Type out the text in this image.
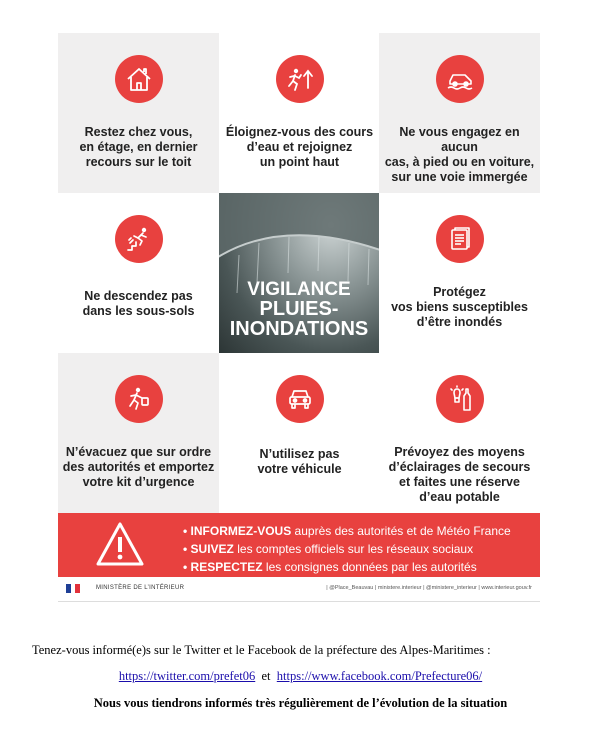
Restez chez vous,
en étage, en dernier
recours sur le toit
Éloignez-vous des cours
d’eau et rejoignez
un point haut
Ne vous engagez en aucun
cas, à pied ou en voiture,
sur une voie immergée
Ne descendez pas
dans les sous-sols
VIGILANCE
PLUIES-
INONDATIONS
Protégez
vos biens susceptibles
d’être inondés
N’évacuez que sur ordre
des autorités et emportez
votre kit d’urgence
N’utilisez pas
votre véhicule
Prévoyez des moyens
d’éclairages de secours
et faites une réserve
d’eau potable
• INFORMEZ-VOUS auprès des autorités et de Météo France
• SUIVEZ les comptes officiels sur les réseaux sociaux
• RESPECTEZ les consignes données par les autorités
MINISTÈRE DE L’INTÉRIEUR	| @Place_Beauvau | ministere.interieur | @ministere_interieur | www.interieur.gouv.fr
Tenez-vous informé(e)s sur le Twitter et le Facebook de la préfecture des Alpes-Maritimes :
https://twitter.com/prefet06 et https://www.facebook.com/Prefecture06/
Nous vous tiendrons informés très régulièrement de l’évolution de la situation
